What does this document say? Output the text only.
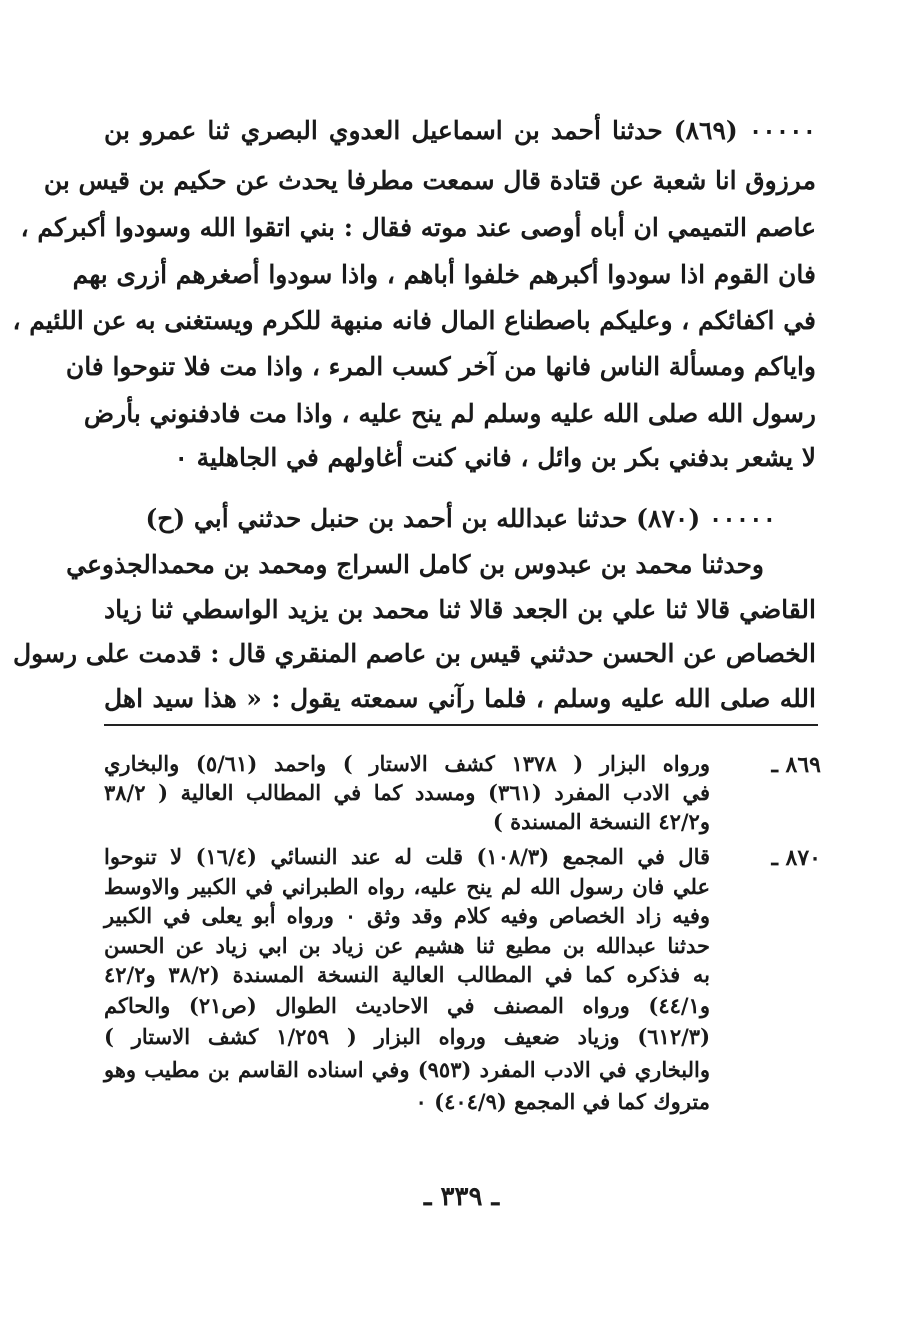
٠٠٠٠٠ (٨٦٩) حدثنا أحمد بن اسماعيل العدوي البصري ثنا عمرو بن
مرزوق انا شعبة عن قتادة قال سمعت مطرفا يحدث عن حكيم بن قيس بن
عاصم التميمي ان أباه أوصى عند موته فقال : بني اتقوا الله وسودوا أكبركم ،
فان القوم اذا سودوا أكبرهم خلفوا أباهم ، واذا سودوا أصغرهم أزرى بهم
في اكفائكم ، وعليكم باصطناع المال فانه منبهة للكرم ويستغنى به عن اللئيم ،
واياكم ومسألة الناس فانها من آخر كسب المرء ، واذا مت فلا تنوحوا فان
رسول الله صلى الله عليه وسلم لم ينح عليه ، واذا مت فادفنوني بأرض
لا يشعر بدفني بكر بن وائل ، فاني كنت أغاولهم في الجاهلية ٠
٠٠٠٠٠ (٨٧٠) حدثنا عبدالله بن أحمد بن حنبل حدثني أبي (ح)
وحدثنا محمد بن عبدوس بن كامل السراج ومحمد بن محمدالجذوعي
القاضي قالا ثنا علي بن الجعد قالا ثنا محمد بن يزيد الواسطي ثنا زياد
الخصاص عن الحسن حدثني قيس بن عاصم المنقري قال : قدمت على رسول
الله صلى الله عليه وسلم ، فلما رآني سمعته يقول : « هذا سيد اهل
٨٦٩ ـ
ورواه البزار ( ١٣٧٨ كشف الاستار ) واحمد (٥/٦١) والبخاري
في الادب المفرد (٣٦١) ومسدد كما في المطالب العالية ( ٣٨/٢
و٤٢/٢ النسخة المسندة )
٨٧٠ ـ
قال في المجمع (١٠٨/٣) قلت له عند النسائي (١٦/٤) لا تنوحوا
علي فان رسول الله لم ينح عليه، رواه الطبراني في الكبير والاوسط
وفيه زاد الخصاص وفيه كلام وقد وثق ٠ ورواه أبو يعلى في الكبير
حدثنا عبدالله بن مطيع ثنا هشيم عن زياد بن ابي زياد عن الحسن
به فذكره كما في المطالب العالية النسخة المسندة (٣٨/٢ و٤٢/٢
و٤٤/١) ورواه المصنف في الاحاديث الطوال (ص٢١) والحاكم
(٦١٢/٣) وزياد ضعيف ورواه البزار ( ١/٢٥٩ كشف الاستار )
والبخاري في الادب المفرد (٩٥٣) وفي اسناده القاسم بن مطيب وهو
متروك كما في المجمع (٤٠٤/٩) ٠
ـ ٣٣٩ ـ
